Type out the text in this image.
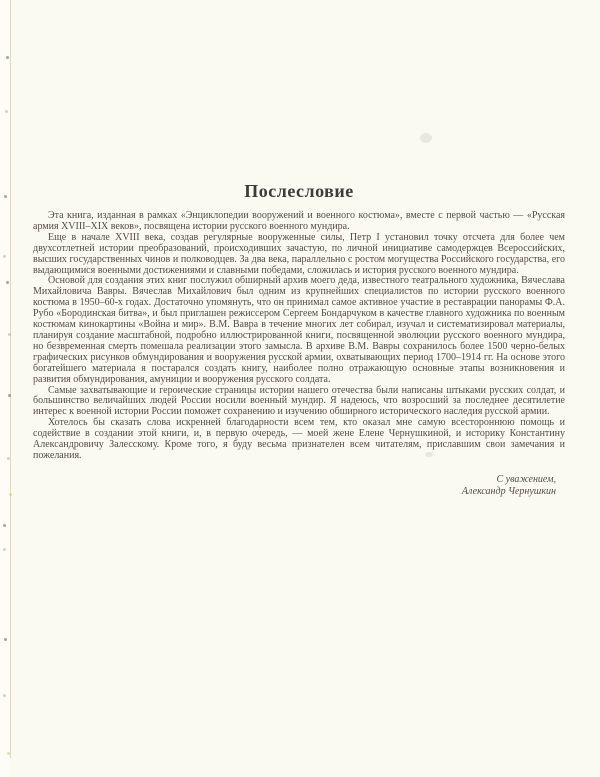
Послесловие

Эта книга, изданная в рамках «Энциклопедии вооружений и военного костюма», вместе с первой частью — «Русская армия XVIII–XIX веков», посвящена истории русского военного мундира.

Еще в начале XVIII века, создав регулярные вооруженные силы, Петр I установил точку отсчета для более чем двухсотлетней истории преобразований, происходивших зачастую, по личной инициативе самодержцев Всероссийских, высших государственных чинов и полководцев. За два века, параллельно с ростом могущества Российского государства, его выдающимися военными достижениями и славными победами, сложилась и история русского военного мундира.

Основой для создания этих книг послужил обширный архив моего деда, известного театрального художника, Вячеслава Михайловича Вавры. Вячеслав Михайлович был одним из крупнейших специалистов по истории русского военного костюма в 1950–60-х годах. Достаточно упомянуть, что он принимал самое активное участие в реставрации панорамы Ф.А. Рубо «Бородинская битва», и был приглашен режиссером Сергеем Бондарчуком в качестве главного художника по военным костюмам кинокартины «Война и мир». В.М. Вавра в течение многих лет собирал, изучал и систематизировал материалы, планируя создание масштабной, подробно иллюстрированной книги, посвященной эволюции русского военного мундира, но безвременная смерть помешала реализации этого замысла. В архиве В.М. Вавры сохранилось более 1500 черно-белых графических рисунков обмундирования и вооружения русской армии, охватывающих период 1700–1914 гг. На основе этого богатейшего материала я постарался создать книгу, наиболее полно отражающую основные этапы возникновения и развития обмундирования, амуниции и вооружения русского солдата.

Самые захватывающие и героические страницы истории нашего отечества были написаны штыками русских солдат, и большинство величайших людей России носили военный мундир. Я надеюсь, что возросший за последнее десятилетие интерес к военной истории России поможет сохранению и изучению обширного исторического наследия русской армии.

Хотелось бы сказать слова искренней благодарности всем тем, кто оказал мне самую всестороннюю помощь и содействие в создании этой книги, и, в первую очередь, — моей жене Елене Чернушкиной, и историку Константину Александровичу Залесскому. Кроме того, я буду весьма признателен всем читателям, приславшим свои замечания и пожелания.

С уважением,
Александр Чернушкин
